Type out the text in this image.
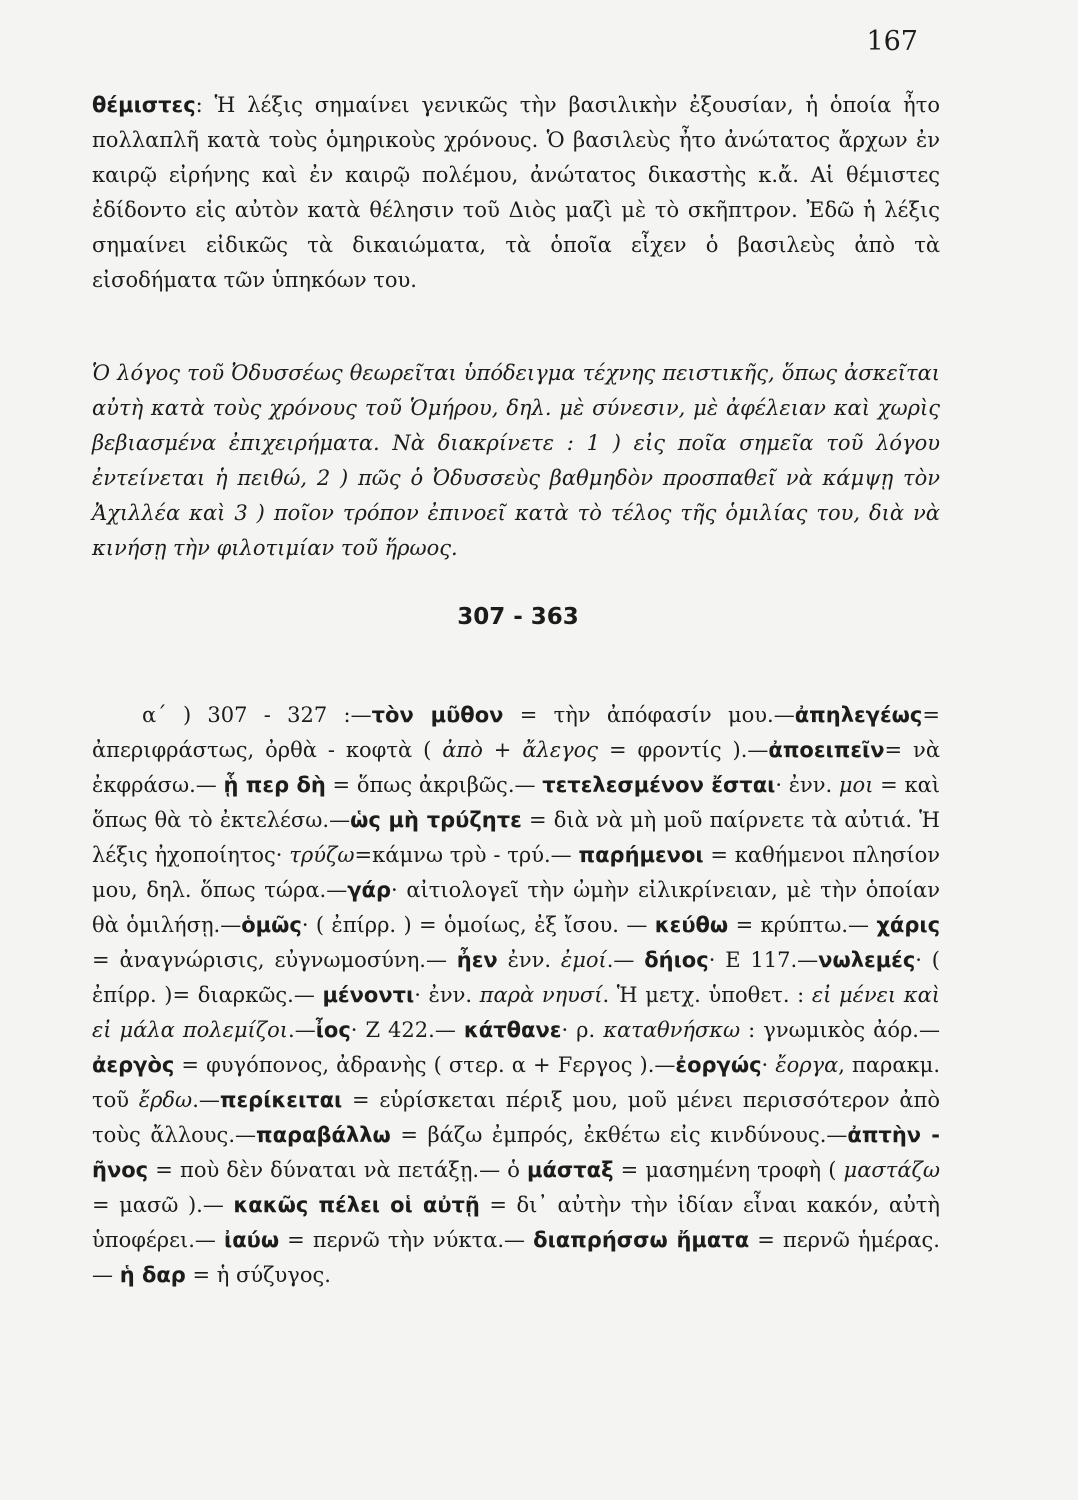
167

θέμιστες: Ἡ λέξις σημαίνει γενικῶς τὴν βασιλικὴν ἐξουσίαν, ἡ ὁποία ἦτο πολλαπλῆ κατὰ τοὺς ὁμηρικοὺς χρόνους. Ὁ βασιλεὺς ἦτο ἀνώτατος ἄρχων ἐν καιρῷ εἰρήνης καὶ ἐν καιρῷ πολέμου, ἀνώτατος δικαστὴς κ.ἄ. Αἱ θέμιστες ἐδίδοντο εἰς αὐτὸν κατὰ θέλησιν τοῦ Διὸς μαζὶ μὲ τὸ σκῆπτρον. Ἐδῶ ἡ λέξις σημαίνει εἰδικῶς τὰ δικαιώματα, τὰ ὁποῖα εἶχεν ὁ βασιλεὺς ἀπὸ τὰ εἰσοδήματα τῶν ὑπηκόων του.

Ὁ λόγος τοῦ Ὀδυσσέως θεωρεῖται ὑπόδειγμα τέχνης πειστικῆς, ὅπως ἀσκεῖται αὐτὴ κατὰ τοὺς χρόνους τοῦ Ὁμήρου, δηλ. μὲ σύνεσιν, μὲ ἀφέλειαν καὶ χωρὶς βεβιασμένα ἐπιχειρήματα. Νὰ διακρίνετε : 1 ) εἰς ποῖα σημεῖα τοῦ λόγου ἐντείνεται ἡ πειθώ, 2 ) πῶς ὁ Ὀδυσσεὺς βαθμηδὸν προσπαθεῖ νὰ κάμψῃ τὸν Ἀχιλλέα καὶ 3 ) ποῖον τρόπον ἐπινοεῖ κατὰ τὸ τέλος τῆς ὁμιλίας του, διὰ νὰ κινήσῃ τὴν φιλοτιμίαν τοῦ ἥρωος.

307 - 363

α΄ ) 307 - 327 :—τὸν μῦθον = τὴν ἀπόφασίν μου.—ἀπηλεγέως= ἀπεριφράστως, ὀρθὰ - κοφτὰ ( ἀπὸ + ἄλεγος = φροντίς ).—ἀποειπεῖν= νὰ ἐκφράσω.— ᾗ περ δὴ = ὅπως ἀκριβῶς.— τετελεσμένον ἔσται· ἐνν. μοι = καὶ ὅπως θὰ τὸ ἐκτελέσω.—ὡς μὴ τρύζητε = διὰ νὰ μὴ μοῦ παίρνετε τὰ αὐτιά. Ἡ λέξις ἠχοποίητος· τρύζω=κάμνω τρὺ - τρύ.— παρήμενοι = καθήμενοι πλησίον μου, δηλ. ὅπως τώρα.—γάρ· αἰτιολογεῖ τὴν ὠμὴν εἰλικρίνειαν, μὲ τὴν ὁποίαν θὰ ὁμιλήσῃ.—ὁμῶς· ( ἐπίρρ. ) = ὁμοίως, ἐξ ἴσου. — κεύθω = κρύπτω.— χάρις = ἀναγνώρισις, εὐγνωμοσύνη.— ἦεν ἐνν. ἐμοί.— δήιος· Ε 117.—νωλεμές· ( ἐπίρρ. )= διαρκῶς.— μένοντι· ἐνν. παρὰ νηυσί. Ἡ μετχ. ὑποθετ. : εἰ μένει καὶ εἰ μάλα πολεμίζοι.—ἶος· Ζ 422.— κάτθανε· ρ. καταθνήσκω : γνωμικὸς ἀόρ.— ἀεργὸς = φυγόπονος, ἀδρανὴς ( στερ. α + Fεργος ).—ἐοργώς· ἔοργα, παρακμ. τοῦ ἔρδω.—περίκειται = εὑρίσκεται πέριξ μου, μοῦ μένει περισσότερον ἀπὸ τοὺς ἄλλους.—παραβάλλω = βάζω ἐμπρός, ἐκθέτω εἰς κινδύνους.—ἀπτὴν - ῆνος = ποὺ δὲν δύναται νὰ πετάξῃ.— ὁ μάσταξ = μασημένη τροφὴ ( μαστάζω = μασῶ ).— κακῶς πέλει οἱ αὐτῇ = δι᾽ αὐτὴν τὴν ἰδίαν εἶναι κακόν, αὐτὴ ὑποφέρει.— ἰαύω = περνῶ τὴν νύκτα.— διαπρήσσω ἤματα = περνῶ ἡμέρας.— ἡ δαρ = ἡ σύζυγος.
